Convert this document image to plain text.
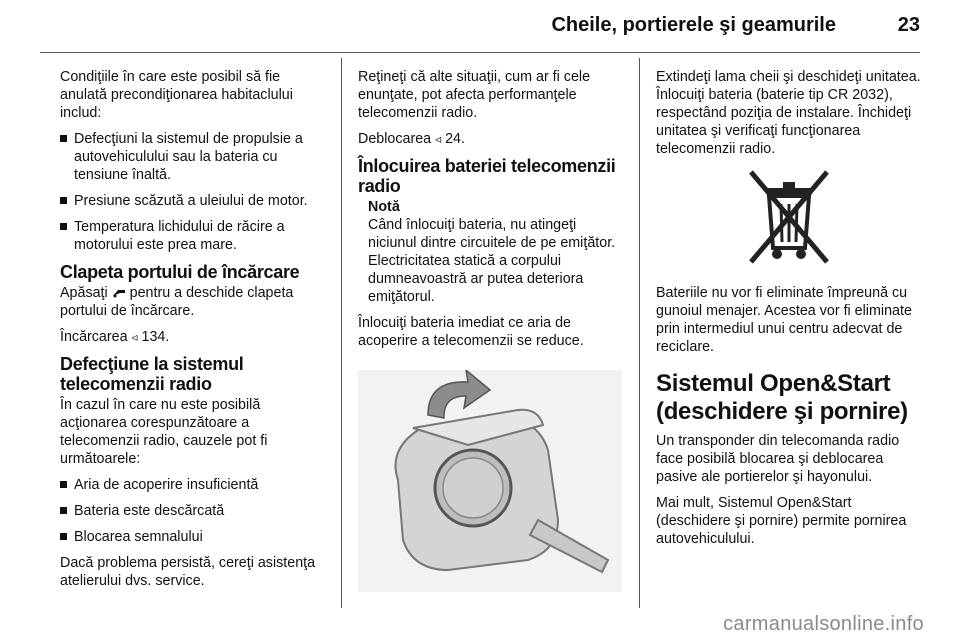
Cheile, portierele şi geamurile	23

Condiţiile în care este posibil să fie anulată precondiţionarea habitaclului includ:

Defecţiuni la sistemul de propulsie a autovehiculului sau la bateria cu tensiune înaltă.
Presiune scăzută a uleiului de motor.
Temperatura lichidului de răcire a motorului este prea mare.
Clapeta portului de încărcare

Apăsaţi  pentru a deschide clapeta portului de încărcare.

Încărcarea ◃ 134.

Defecţiune la sistemul telecomenzii radio

În cazul în care nu este posibilă acţionarea corespunzătoare a telecomenzii radio, cauzele pot fi următoarele:

Aria de acoperire insuficientă
Bateria este descărcată
Blocarea semnalului

Dacă problema persistă, cereţi asistenţa atelierului dvs. service.

Reţineţi că alte situaţii, cum ar fi cele enunţate, pot afecta performanţele telecomenzii radio.

Deblocarea ◃ 24.

Înlocuirea bateriei telecomenzii radio
Notă
Când înlocuiţi bateria, nu atingeţi niciunul dintre circuitele de pe emiţător. Electricitatea statică a corpului dumneavoastră ar putea deteriora emiţătorul.

Înlocuiţi bateria imediat ce aria de acoperire a telecomenzii se reduce.

Extindeţi lama cheii şi deschideţi unitatea. Înlocuiţi bateria (baterie tip CR 2032), respectând poziţia de instalare. Închideţi unitatea şi verificaţi funcţionarea telecomenzii radio.

Bateriile nu vor fi eliminate împreună cu gunoiul menajer. Acestea vor fi eliminate prin intermediul unui centru adecvat de reciclare.

Sistemul Open&Start (deschidere şi pornire)

Un transponder din telecomanda radio face posibilă blocarea şi deblocarea pasive ale portierelor şi hayonului.

Mai mult, Sistemul Open&Start (deschidere şi pornire) permite pornirea autovehiculului.

carmanualsonline.info
